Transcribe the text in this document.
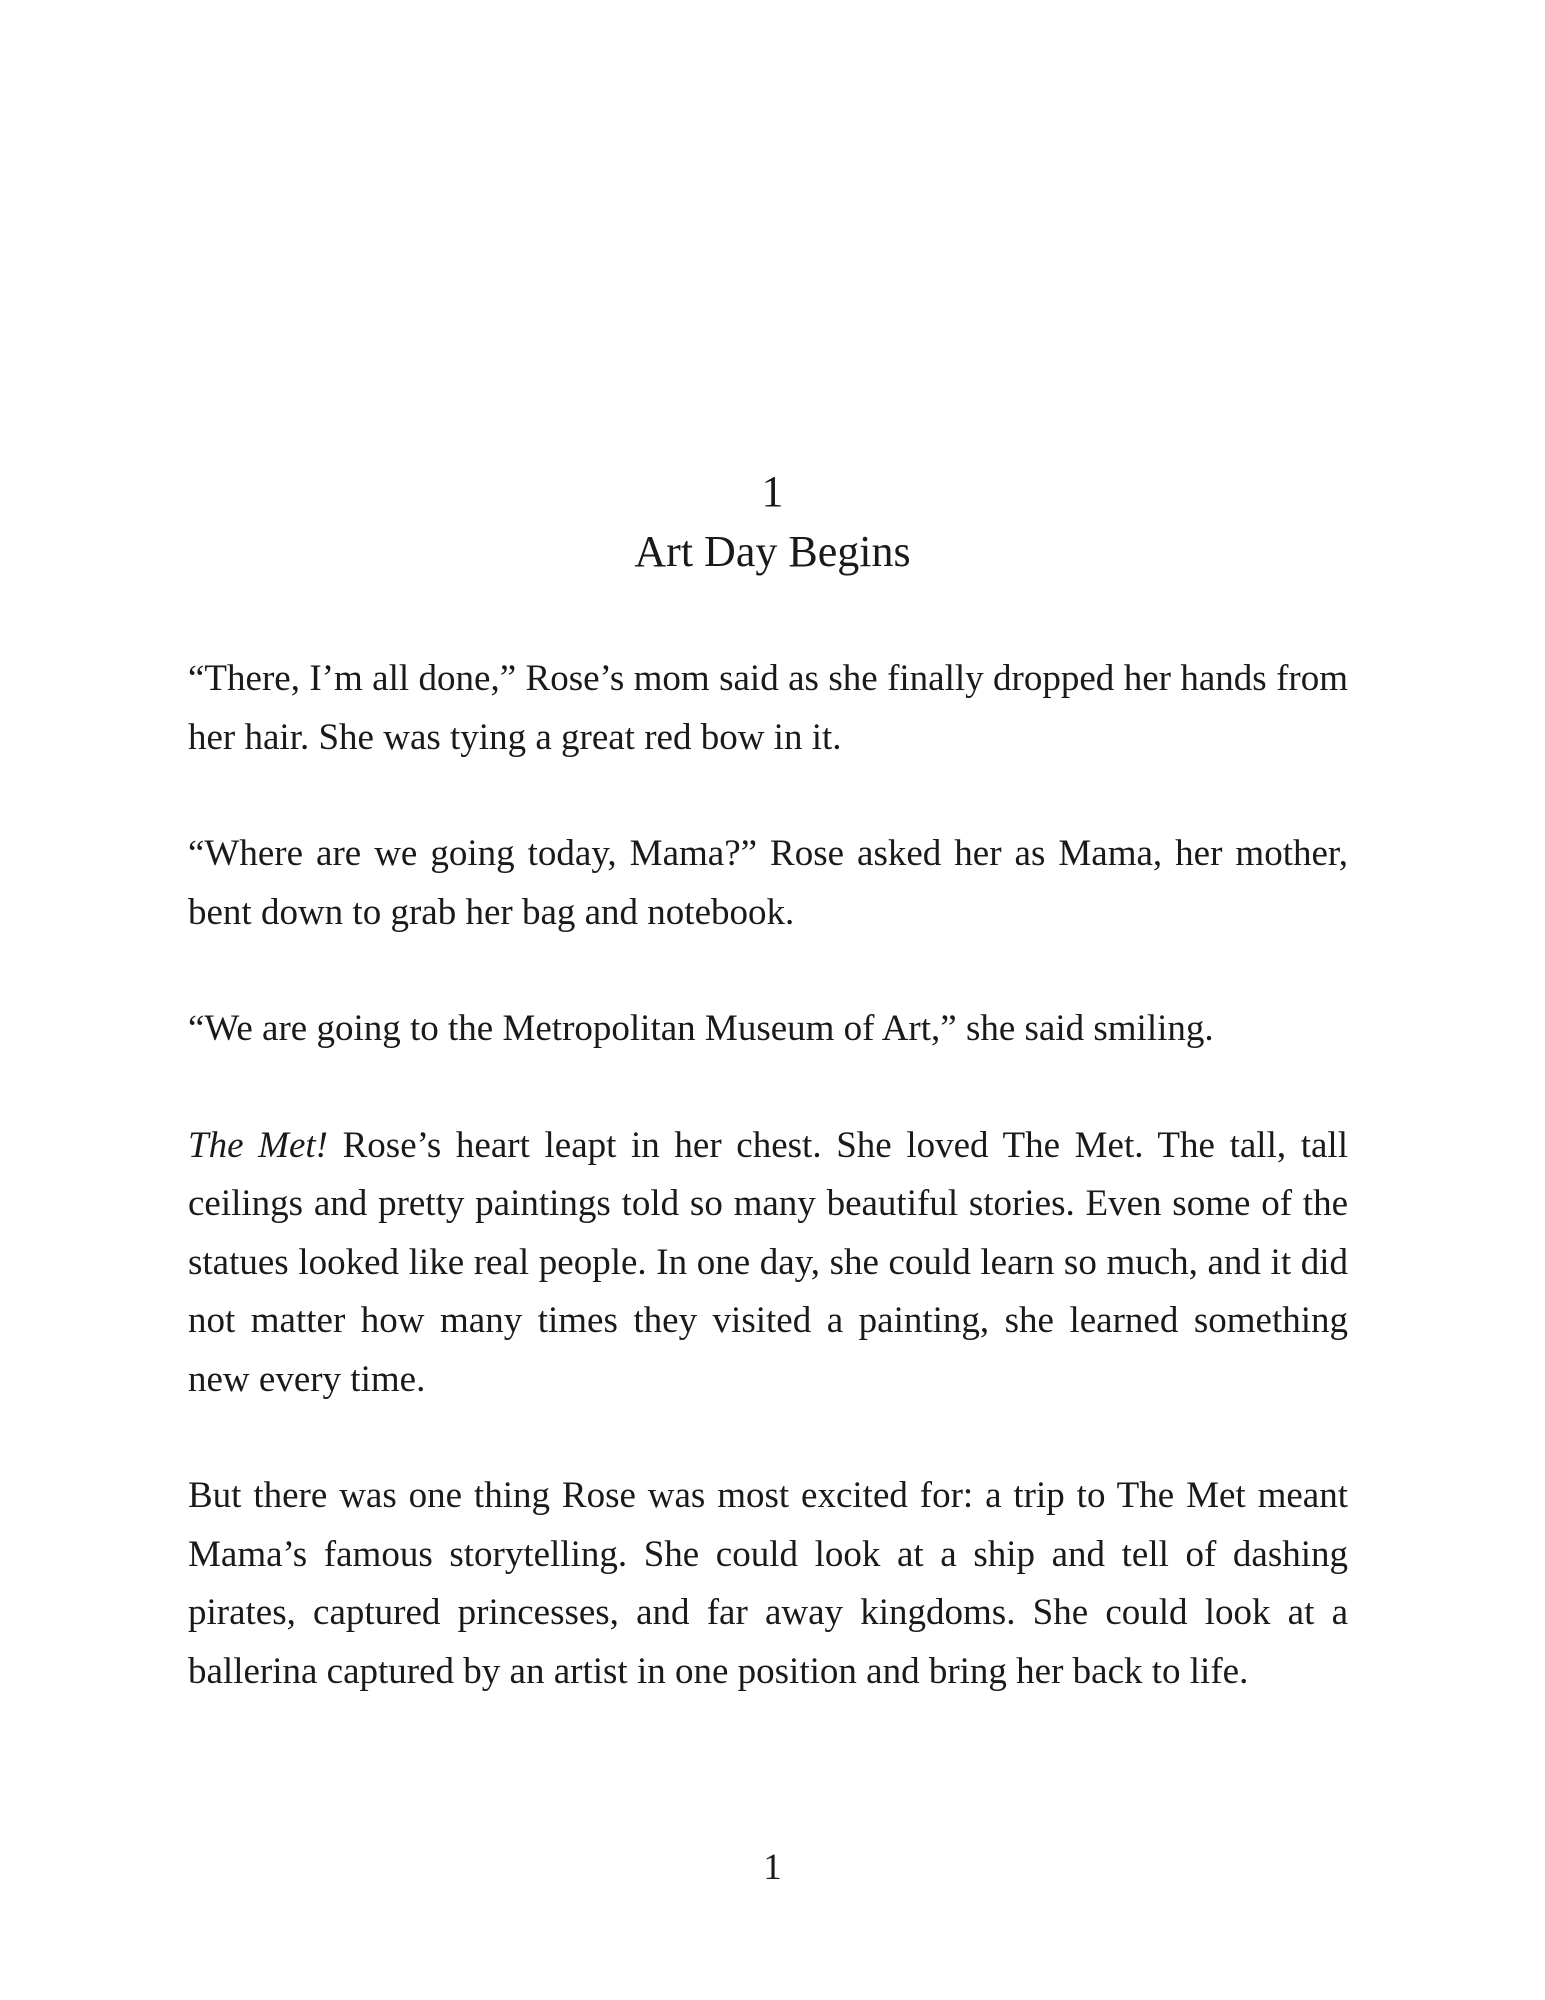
1
Art Day Begins

“There, I’m all done,” Rose’s mom said as she finally dropped her hands from her hair. She was tying a great red bow in it.

“Where are we going today, Mama?” Rose asked her as Mama, her mother, bent down to grab her bag and notebook.

“We are going to the Metropolitan Museum of Art,” she said smiling.

The Met! Rose’s heart leapt in her chest. She loved The Met. The tall, tall ceilings and pretty paintings told so many beautiful stories. Even some of the statues looked like real people. In one day, she could learn so much, and it did not matter how many times they visited a painting, she learned something new every time.

But there was one thing Rose was most excited for: a trip to The Met meant Mama’s famous storytelling. She could look at a ship and tell of dashing pirates, captured princesses, and far away kingdoms. She could look at a ballerina captured by an artist in one position and bring her back to life.

1
